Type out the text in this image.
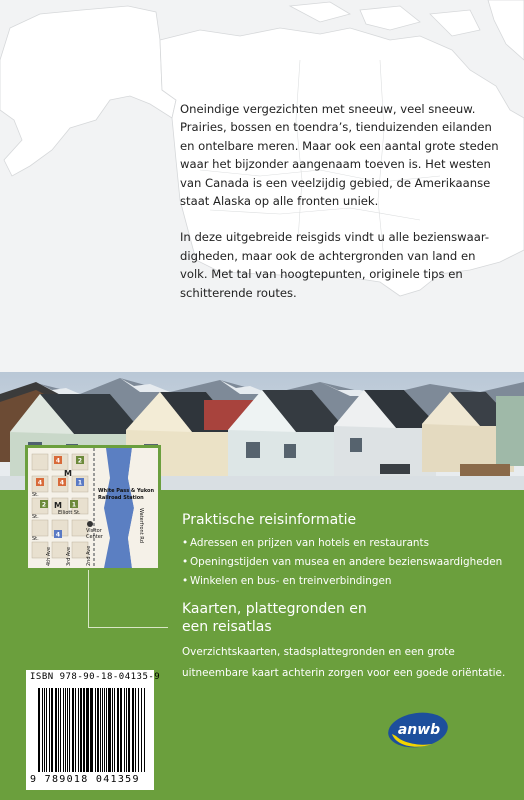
Oneindige vergezichten met sneeuw, veel sneeuw.
Prairies, bossen en toendra’s, tienduizenden eilanden
en ontelbare meren. Maar ook een aantal grote steden
waar het bijzonder aangenaam toeven is. Het westen
van Canada is een veelzijdig gebied, de Amerikaanse
staat Alaska op alle fronten uniek.

In deze uitgebreide reisgids vindt u alle bezienswaar-
digheden, maar ook de achtergronden van land en
volk. Met tal van hoogtepunten, originele tips en
schitterende routes.

4	2
4	4 1
2 M 1
4
M
White Pass & Yukon
Railroad Station
Elliott St.
St.
St.
St.
Visitor
Center
4th Ave	3rd Ave	2nd Ave
Waterfront Rd	Praktische reisinformatie
• Adressen en prijzen van hotels en restaurants
• Openingstijden van musea en andere bezienswaardigheden
• Winkelen en bus- en treinverbindingen
Kaarten, plattegronden en
een reisatlas
Overzichtskaarten, stadsplattegronden en een grote
uitneembare kaart achterin zorgen voor een goede oriëntatie.
ISBN 978-90-18-04135-9
9 789018 041359
anwb
